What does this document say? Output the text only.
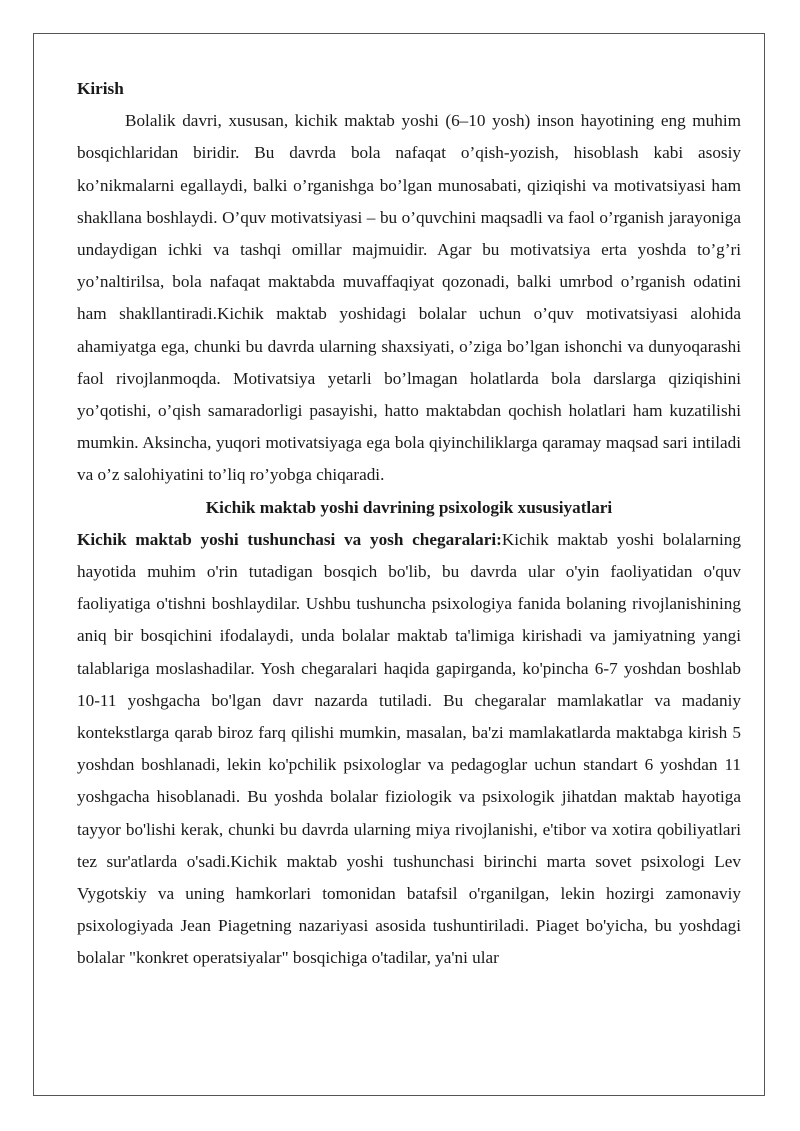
Kirish

Bolalik davri, xususan, kichik maktab yoshi (6–10 yosh) inson hayotining eng muhim bosqichlaridan biridir. Bu davrda bola nafaqat o’qish-yozish, hisoblash kabi asosiy ko’nikmalarni egallaydi, balki o’rganishga bo’lgan munosabati, qiziqishi va motivatsiyasi ham shakllana boshlaydi. O’quv motivatsiyasi – bu o’quvchini maqsadli va faol o’rganish jarayoniga undaydigan ichki va tashqi omillar majmuidir. Agar bu motivatsiya erta yoshda to’g’ri yo’naltirilsa, bola nafaqat maktabda muvaffaqiyat qozonadi, balki umrbod o’rganish odatini ham shakllantiradi.Kichik maktab yoshidagi bolalar uchun o’quv motivatsiyasi alohida ahamiyatga ega, chunki bu davrda ularning shaxsiyati, o’ziga bo’lgan ishonchi va dunyoqarashi faol rivojlanmoqda. Motivatsiya yetarli bo’lmagan holatlarda bola darslarga qiziqishini yo’qotishi, o’qish samaradorligi pasayishi, hatto maktabdan qochish holatlari ham kuzatilishi mumkin. Aksincha, yuqori motivatsiyaga ega bola qiyinchiliklarga qaramay maqsad sari intiladi va o’z salohiyatini to’liq ro’yobga chiqaradi.

Kichik maktab yoshi davrining psixologik xususiyatlari

Kichik maktab yoshi tushunchasi va yosh chegaralari:Kichik maktab yoshi bolalarning hayotida muhim o'rin tutadigan bosqich bo'lib, bu davrda ular o'yin faoliyatidan o'quv faoliyatiga o'tishni boshlaydilar. Ushbu tushuncha psixologiya fanida bolaning rivojlanishining aniq bir bosqichini ifodalaydi, unda bolalar maktab ta'limiga kirishadi va jamiyatning yangi talablariga moslashadilar. Yosh chegaralari haqida gapirganda, ko'pincha 6-7 yoshdan boshlab 10-11 yoshgacha bo'lgan davr nazarda tutiladi. Bu chegaralar mamlakatlar va madaniy kontekstlarga qarab biroz farq qilishi mumkin, masalan, ba'zi mamlakatlarda maktabga kirish 5 yoshdan boshlanadi, lekin ko'pchilik psixologlar va pedagoglar uchun standart 6 yoshdan 11 yoshgacha hisoblanadi. Bu yoshda bolalar fiziologik va psixologik jihatdan maktab hayotiga tayyor bo'lishi kerak, chunki bu davrda ularning miya rivojlanishi, e'tibor va xotira qobiliyatlari tez sur'atlarda o'sadi.Kichik maktab yoshi tushunchasi birinchi marta sovet psixologi Lev Vygotskiy va uning hamkorlari tomonidan batafsil o'rganilgan, lekin hozirgi zamonaviy psixologiyada Jean Piagetning nazariyasi asosida tushuntiriladi. Piaget bo'yicha, bu yoshdagi bolalar "konkret operatsiyalar" bosqichiga o'tadilar, ya'ni ular
